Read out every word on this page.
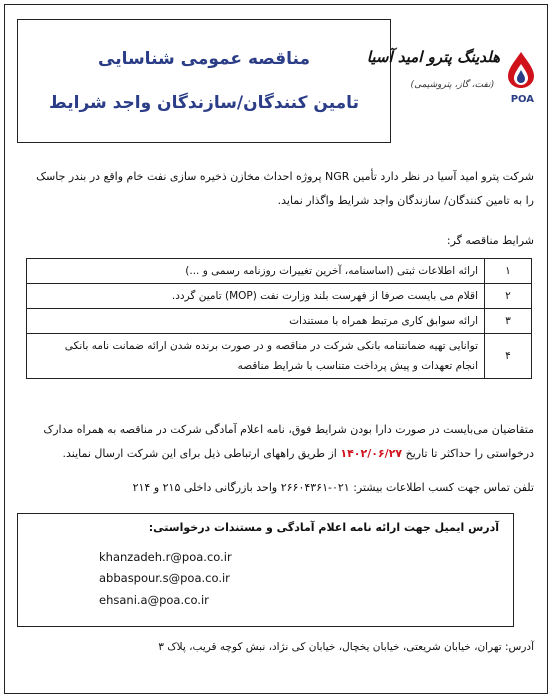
مناقصه عمومی شناسایی
تامین کنندگان/سازندگان واجد شرایط
هلدینگ پترو امید آسیا
(نفت، گاز، پتروشیمی)
POA
شرکت پترو امید آسیا در نظر دارد تأمین NGR پروژه احداث مخازن ذخیره سازی نفت خام واقع در بندر جاسک
را به تامین کنندگان/ سازندگان واجد شرایط واگذار نماید.
شرایط مناقصه گر:
۱	ارائه اطلاعات ثبتی (اساسنامه، آخرین تغییرات روزنامه رسمی و ...)
۲	اقلام می بایست صرفا از فهرست بلند وزارت نفت (MOP) تامین گردد.
۳	ارائه سوابق کاری مرتبط همراه با مستندات
۴	توانایی تهیه ضمانتنامه بانکی شرکت در مناقصه و در صورت برنده شدن ارائه ضمانت نامه بانکی
انجام تعهدات و پیش پرداخت متناسب با شرایط مناقصه
متقاضیان می‌بایست در صورت دارا بودن شرایط فوق، نامه اعلام آمادگی شرکت در مناقصه به همراه مدارک
درخواستی را حداکثر تا تاریخ ۱۴۰۲/۰۶/۲۷ از طریق راههای ارتباطی ذیل برای این شرکت ارسال نمایند.
تلفن تماس جهت کسب اطلاعات بیشتر: ۰۲۱-۲۶۶۰۴۳۶۱ واحد بازرگانی داخلی ۲۱۵ و ۲۱۴
آدرس ایمیل جهت ارائه نامه اعلام آمادگی و مستندات درخواستی:
khanzadeh.r@poa.co.ir
abbaspour.s@poa.co.ir
ehsani.a@poa.co.ir
آدرس: تهران، خیابان شریعتی، خیابان یخچال، خیابان کی نژاد، نبش کوچه قریب، پلاک ۳
